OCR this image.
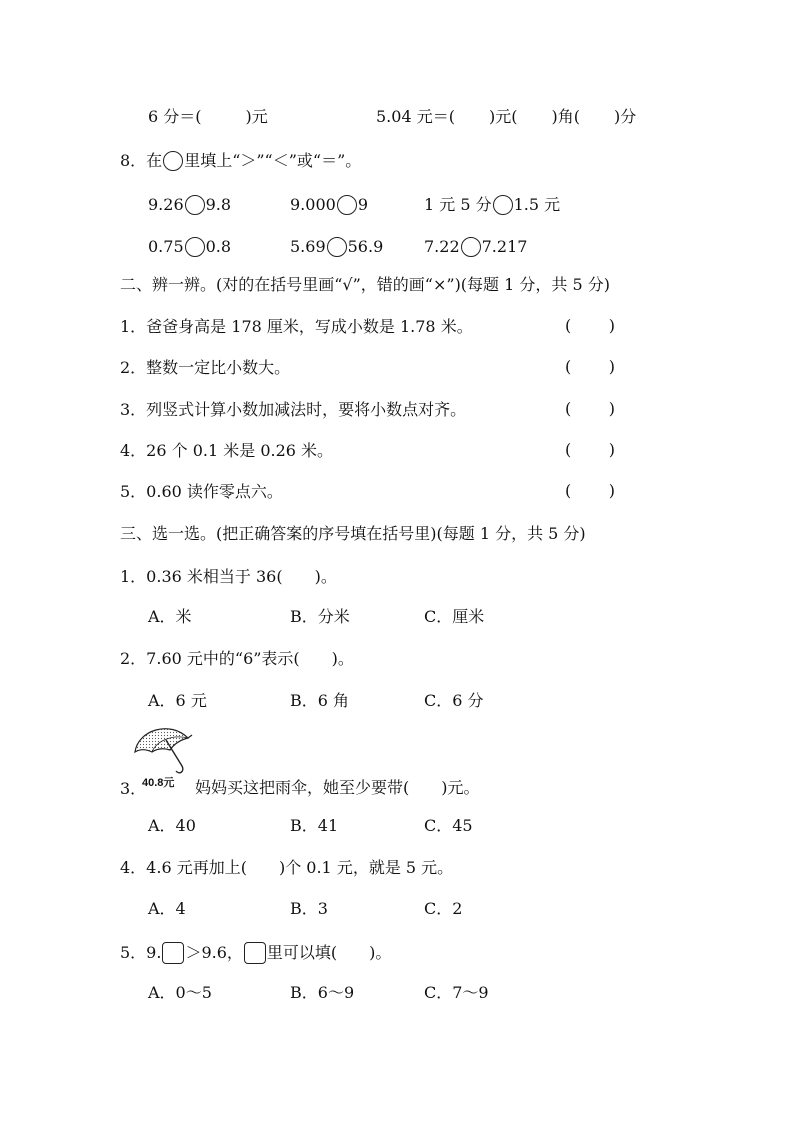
6 分＝(	)元	5.04 元＝( )元( )角( )分
8．在 里填上“＞”“＜”或“＝”。
9.26 9.8	9.000 9	1 元 5 分 1.5 元
0.75 0.8	5.69 56.9	7.22 7.217
二、辨一辨。(对的在括号里画“√”，错的画“×”)(每题 1 分，共 5 分)
1．爸爸身高是 178 厘米，写成小数是 1.78 米。	( )
2．整数一定比小数大。	( )
3．列竖式计算小数加减法时，要将小数点对齐。	( )
4．26 个 0.1 米是 0.26 米。	( )
5．0.60 读作零点六。	( )
三、选一选。(把正确答案的序号填在括号里)(每题 1 分，共 5 分)
1．0.36 米相当于 36(　　)。
A．米	B．分米	C．厘米
2．7.60 元中的“6”表示(　　)。
A．6 元	B．6 角	C．6 分
3．
40.8元 妈妈买这把雨伞，她至少要带(　　)元。
A．40	B．41	C．45
4．4.6 元再加上(　　)个 0.1 元，就是 5 元。
A．4	B．3	C．2
5．9. ＞9.6， 里可以填(　　)。
A．0～5	B．6～9	C．7～9
